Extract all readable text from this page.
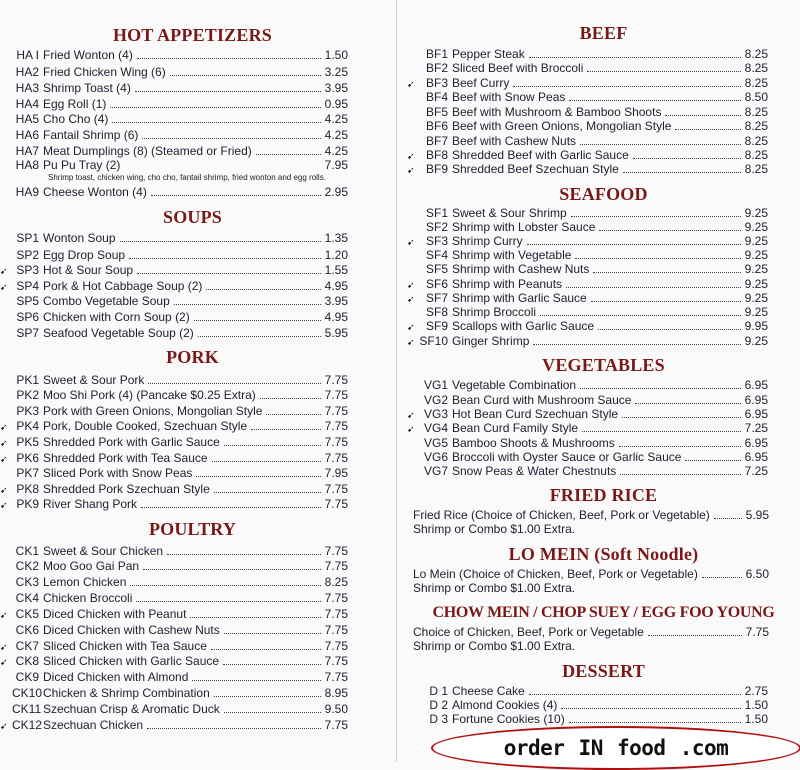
HOT APPETIZERS
HA I Fried Wonton (4)	1.50
HA2 Fried Chicken Wing (6)	3.25
HA3 Shrimp Toast (4)	3.95
HA4 Egg Roll (1)	0.95
HA5 Cho Cho (4)	4.25
HA6 Fantail Shrimp (6)	4.25
HA7 Meat Dumplings (8) (Steamed or Fried)	4.25
HA8 Pu Pu Tray (2)	7.95
Shrimp toast, chicken wing, cho cho, fantail shrimp, fried wonton and egg rolls.
HA9 Cheese Wonton (4)	2.95
SOUPS
SP1 Wonton Soup	1.35
SP2 Egg Drop Soup	1.20
➹ SP3 Hot & Sour Soup	1.55
➹ SP4 Pork & Hot Cabbage Soup (2)	4.95
SP5 Combo Vegetable Soup	3.95
SP6 Chicken with Corn Soup (2)	4.95
SP7 Seafood Vegetable Soup (2)	5.95
PORK
PK1 Sweet & Sour Pork	7.75
PK2 Moo Shi Pork (4) (Pancake $0.25 Extra)	7.75
PK3 Pork with Green Onions, Mongolian Style	7.75
➹ PK4 Pork, Double Cooked, Szechuan Style	7.75
➹ PK5 Shredded Pork with Garlic Sauce	7.75
➹ PK6 Shredded Pork with Tea Sauce	7.75
PK7 Sliced Pork with Snow Peas	7.95
➹ PK8 Shredded Pork Szechuan Style	7.75
➹ PK9 River Shang Pork	7.75
POULTRY
CK1 Sweet & Sour Chicken	7.75
CK2 Moo Goo Gai Pan	7.75
CK3 Lemon Chicken	8.25
CK4 Chicken Broccoli	7.75
➹ CK5 Diced Chicken with Peanut	7.75
CK6 Diced Chicken with Cashew Nuts	7.75
➹ CK7 Sliced Chicken with Tea Sauce	7.75
➹ CK8 Sliced Chicken with Garlic Sauce	7.75
CK9 Diced Chicken with Almond	7.75
CK10 Chicken & Shrimp Combination	8.95
CK11 Szechuan Crisp & Aromatic Duck	9.50
➹ CK12 Szechuan Chicken	7.75
BEEF
BF1 Pepper Steak	8.25
BF2 Sliced Beef with Broccoli	8.25
➹ BF3 Beef Curry	8.25
BF4 Beef with Snow Peas	8.50
BF5 Beef with Mushroom & Bamboo Shoots	8.25
BF6 Beef with Green Onions, Mongolian Style	8.25
BF7 Beef with Cashew Nuts	8.25
➹ BF8 Shredded Beef with Garlic Sauce	8.25
➹ BF9 Shredded Beef Szechuan Style	8.25
SEAFOOD
SF1 Sweet & Sour Shrimp	9.25
SF2 Shrimp with Lobster Sauce	9.25
➹ SF3 Shrimp Curry	9.25
SF4 Shrimp with Vegetable	9.25
SF5 Shrimp with Cashew Nuts	9.25
➹ SF6 Shrimp with Peanuts	9.25
➹ SF7 Shrimp with Garlic Sauce	9.25
SF8 Shrimp Broccoli	9.25
➹ SF9 Scallops with Garlic Sauce	9.95
➹ SF10 Ginger Shrimp	9.25
VEGETABLES
VG1 Vegetable Combination	6.95
VG2 Bean Curd with Mushroom Sauce	6.95
➹ VG3 Hot Bean Curd Szechuan Style	6.95
➹ VG4 Bean Curd Family Style	7.25
VG5 Bamboo Shoots & Mushrooms	6.95
VG6 Broccoli with Oyster Sauce or Garlic Sauce	6.95
VG7 Snow Peas & Water Chestnuts	7.25
FRIED RICE
Fried Rice (Choice of Chicken, Beef, Pork or Vegetable)	5.95
Shrimp or Combo $1.00 Extra.
LO MEIN (Soft Noodle)
Lo Mein (Choice of Chicken, Beef, Pork or Vegetable)	6.50
Shrimp or Combo $1.00 Extra.
CHOW MEIN / CHOP SUEY / EGG FOO YOUNG
Choice of Chicken, Beef, Pork or Vegetable	7.75
Shrimp or Combo $1.00 Extra.
DESSERT
D 1 Cheese Cake	2.75
D 2 Almond Cookies (4)	1.50
D 3 Fortune Cookies (10)	1.50
order IN food .com
